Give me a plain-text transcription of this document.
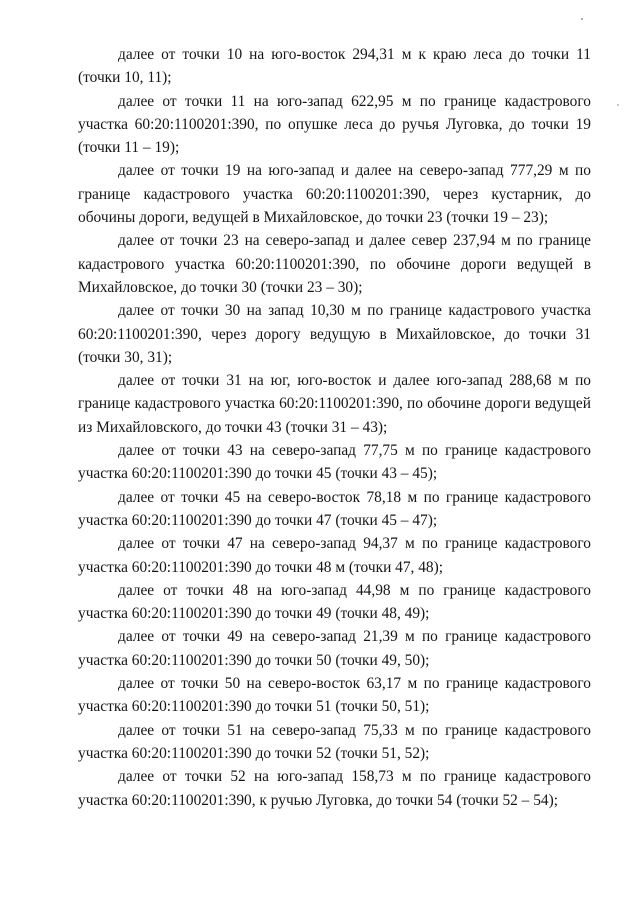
далее от точки 10 на юго-восток 294,31 м к краю леса до точки 11 (точки 10, 11);

далее от точки 11 на юго-запад 622,95 м по границе кадастрового участка 60:20:1100201:390, по опушке леса до ручья Луговка, до точки 19 (точки 11 – 19);

далее от точки 19 на юго-запад и далее на северо-запад 777,29 м по границе кадастрового участка 60:20:1100201:390, через кустарник, до обочины дороги, ведущей в Михайловское, до точки 23 (точки 19 – 23);

далее от точки 23 на северо-запад и далее север 237,94 м по границе кадастрового участка 60:20:1100201:390, по обочине дороги ведущей в Михайловское, до точки 30 (точки 23 – 30);

далее от точки 30 на запад 10,30 м по границе кадастрового участка 60:20:1100201:390, через дорогу ведущую в Михайловское, до точки 31 (точки 30, 31);

далее от точки 31 на юг, юго-восток и далее юго-запад 288,68 м по границе кадастрового участка 60:20:1100201:390, по обочине дороги ведущей из Михайловского, до точки 43 (точки 31 – 43);

далее от точки 43 на северо-запад 77,75 м по границе кадастрового участка 60:20:1100201:390 до точки 45 (точки 43 – 45);

далее от точки 45 на северо-восток 78,18 м по границе кадастрового участка 60:20:1100201:390 до точки 47 (точки 45 – 47);

далее от точки 47 на северо-запад 94,37 м по границе кадастрового участка 60:20:1100201:390 до точки 48 м (точки 47, 48);

далее от точки 48 на юго-запад 44,98 м по границе кадастрового участка 60:20:1100201:390 до точки 49 (точки 48, 49);

далее от точки 49 на северо-запад 21,39 м по границе кадастрового участка 60:20:1100201:390 до точки 50 (точки 49, 50);

далее от точки 50 на северо-восток 63,17 м по границе кадастрового участка 60:20:1100201:390 до точки 51 (точки 50, 51);

далее от точки 51 на северо-запад 75,33 м по границе кадастрового участка 60:20:1100201:390 до точки 52 (точки 51, 52);

далее от точки 52 на юго-запад 158,73 м по границе кадастрового участка 60:20:1100201:390, к ручью Луговка, до точки 54 (точки 52 – 54);
